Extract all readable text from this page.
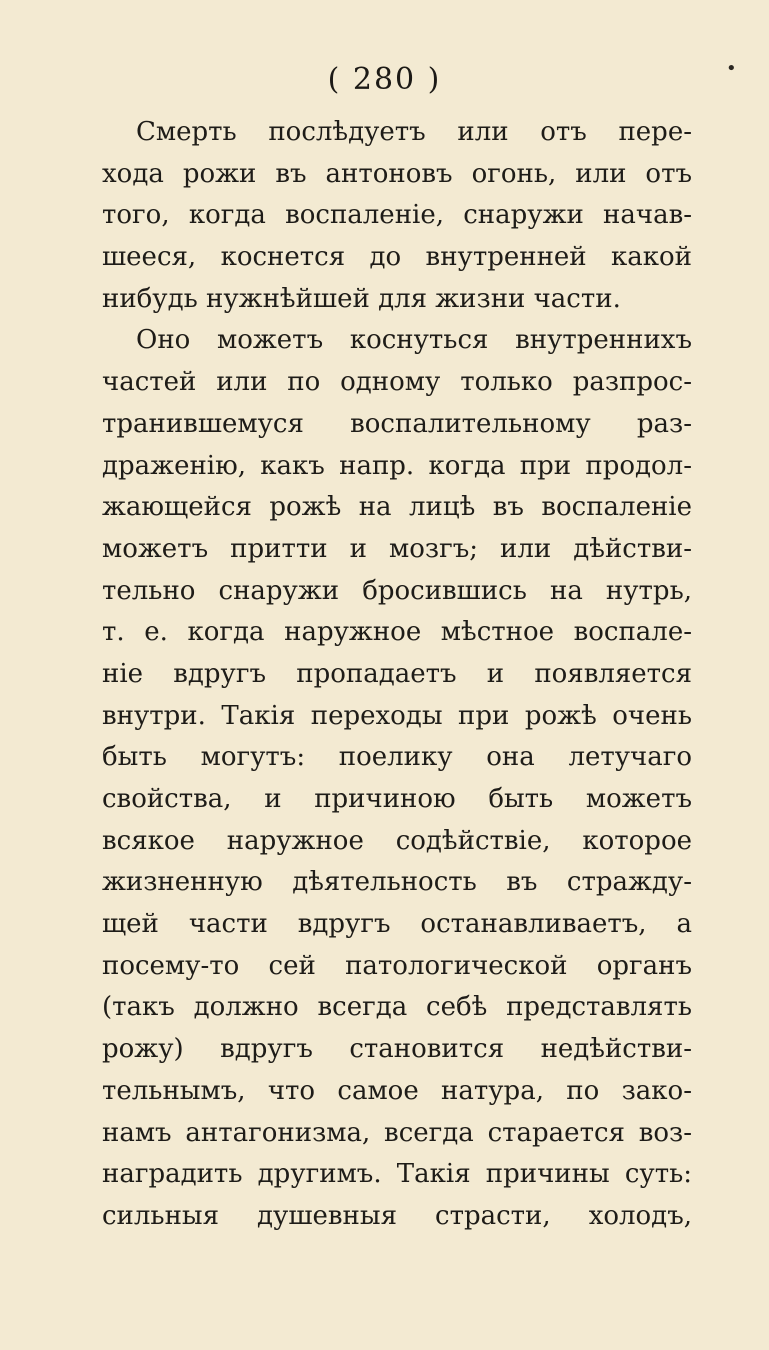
( 280 )	•
Смерть послѣдуетъ или отъ пере-
хода рожи въ антоновъ огонь, или отъ
того, когда воспаленіе, снаружи начав-
шееся, коснется до внутренней какой
нибудь нужнѣйшей для жизни части.
Оно можетъ коснуться внутреннихъ
частей или по одному только разпрос-
транившемуся воспалительному раз-
драженію, какъ напр. когда при продол-
жающейся рожѣ на лицѣ въ воспаленіе
можетъ притти и мозгъ; или дѣйстви-
тельно снаружи бросившись на нутрь,
т. е. когда наружное мѣстное воспале-
ніе вдругъ пропадаетъ и появляется
внутри. Такія переходы при рожѣ очень
быть могутъ: поелику она летучаго
свойства, и причиною быть можетъ
всякое наружное содѣйствіе, которое
жизненную дѣятельность въ стражду-
щей части вдругъ останавливаетъ, а
посему-то сей патологической органъ
(такъ должно всегда себѣ представлять
рожу) вдругъ становится недѣйстви-
тельнымъ, что самое натура, по зако-
намъ антагонизма, всегда старается воз-
наградить другимъ. Такія причины суть:
сильныя душевныя страсти, холодъ,
